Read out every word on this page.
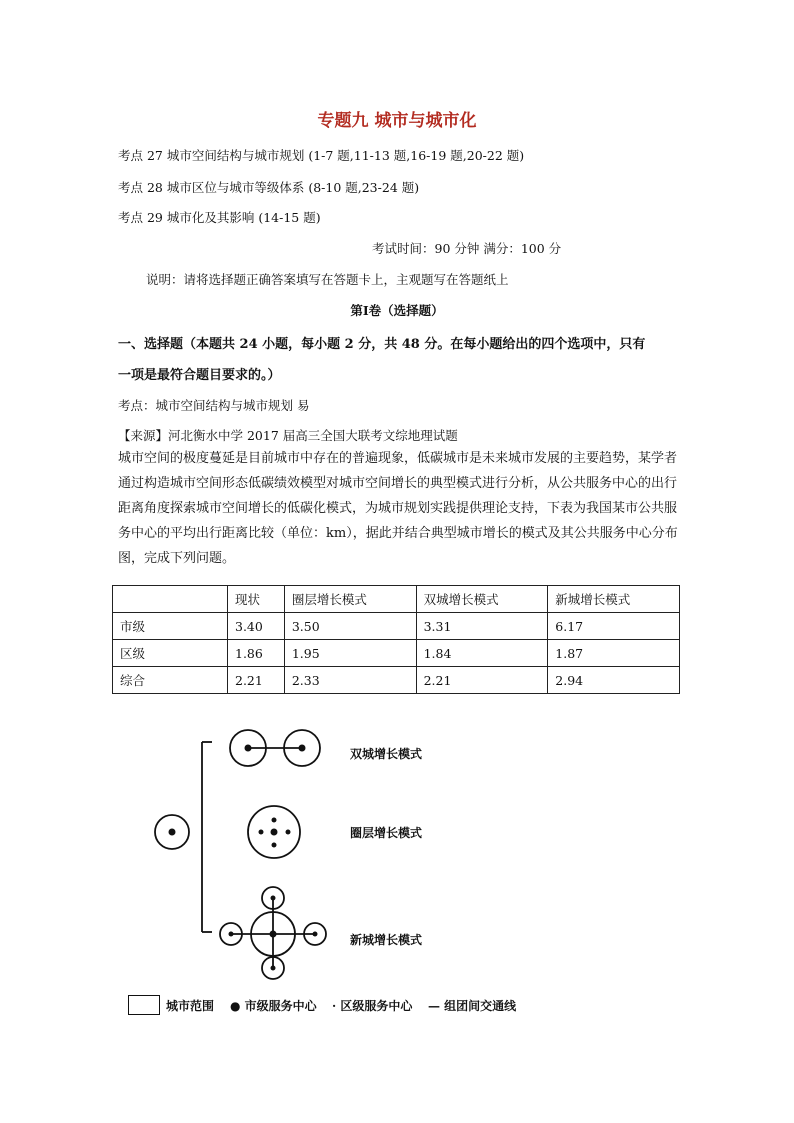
专题九 城市与城市化
考点 27 城市空间结构与城市规划 (1-7 题,11-13 题,16-19 题,20-22 题)
考点 28 城市区位与城市等级体系 (8-10 题,23-24 题)
考点 29 城市化及其影响 (14-15 题)
考试时间：90 分钟 满分：100 分
说明：请将选择题正确答案填写在答题卡上，主观题写在答题纸上
第Ⅰ卷（选择题）
一、选择题（本题共 24 小题，每小题 2 分，共 48 分。在每小题给出的四个选项中，只有
一项是最符合题目要求的。）
考点：城市空间结构与城市规划 易
【来源】河北衡水中学 2017 届高三全国大联考文综地理试题
城市空间的极度蔓延是目前城市中存在的普遍现象，低碳城市是未来城市发展的主要趋势，某学者通过构造城市空间形态低碳绩效模型对城市空间增长的典型模式进行分析，从公共服务中心的出行距离角度探索城市空间增长的低碳化模式，为城市规划实践提供理论支持，下表为我国某市公共服务中心的平均出行距离比较（单位：km），据此并结合典型城市增长的模式及其公共服务中心分布图，完成下列问题。
	现状	圈层增长模式	双城增长模式	新城增长模式
市级	3.40	3.50	3.31	6.17
区级	1.86	1.95	1.84	1.87
综合	2.21	2.33	2.21	2.94
双城增长模式
圈层增长模式
新城增长模式
城市范围 ● 市级服务中心 · 区级服务中心 — 组团间交通线
